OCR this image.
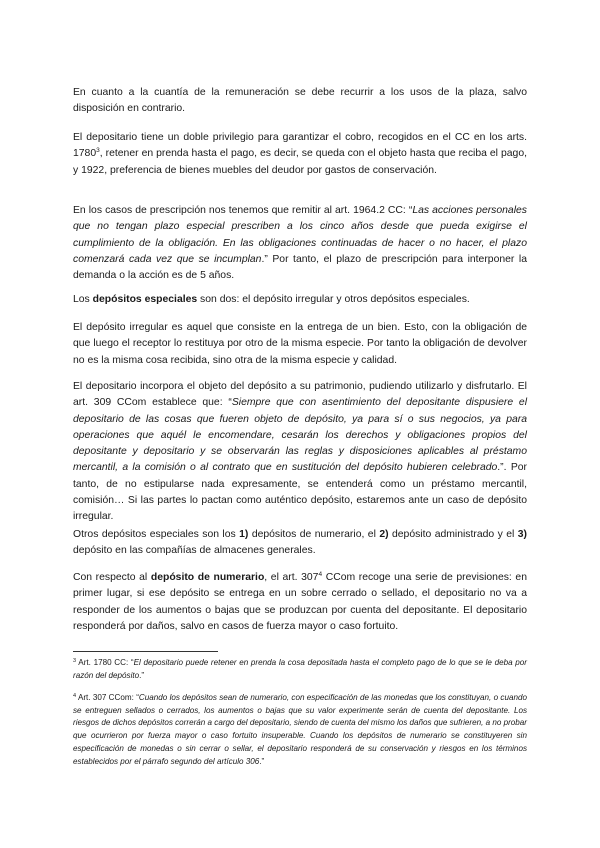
En cuanto a la cuantía de la remuneración se debe recurrir a los usos de la plaza, salvo disposición en contrario.

El depositario tiene un doble privilegio para garantizar el cobro, recogidos en el CC en los arts. 1780$^3$, retener en prenda hasta el pago, es decir, se queda con el objeto hasta que reciba el pago, y 1922, preferencia de bienes muebles del deudor por gastos de conservación.

En los casos de prescripción nos tenemos que remitir al art. 1964.2 CC: “Las acciones personales que no tengan plazo especial prescriben a los cinco años desde que pueda exigirse el cumplimiento de la obligación. En las obligaciones continuadas de hacer o no hacer, el plazo comenzará cada vez que se incumplan.” Por tanto, el plazo de prescripción para interponer la demanda o la acción es de 5 años.

Los depósitos especiales son dos: el depósito irregular y otros depósitos especiales.

El depósito irregular es aquel que consiste en la entrega de un bien. Esto, con la obligación de que luego el receptor lo restituya por otro de la misma especie. Por tanto la obligación de devolver no es la misma cosa recibida, sino otra de la misma especie y calidad.

El depositario incorpora el objeto del depósito a su patrimonio, pudiendo utilizarlo y disfrutarlo. El art. 309 CCom establece que: “Siempre que con asentimiento del depositante dispusiere el depositario de las cosas que fueren objeto de depósito, ya para sí o sus negocios, ya para operaciones que aquél le encomendare, cesarán los derechos y obligaciones propios del depositante y depositario y se observarán las reglas y disposiciones aplicables al préstamo mercantil, a la comisión o al contrato que en sustitución del depósito hubieren celebrado.”. Por tanto, de no estipularse nada expresamente, se entenderá como un préstamo mercantil, comisión… Si las partes lo pactan como auténtico depósito, estaremos ante un caso de depósito irregular.

Otros depósitos especiales son los 1) depósitos de numerario, el 2) depósito administrado y el 3) depósito en las compañías de almacenes generales.

Con respecto al depósito de numerario, el art. $307^4$ CCom recoge una serie de previsiones: en primer lugar, si ese depósito se entrega en un sobre cerrado o sellado, el depositario no va a responder de los aumentos o bajas que se produzcan por cuenta del depositante. El depositario responderá por daños, salvo en casos de fuerza mayor o caso fortuito.

$^3$ Art. 1780 CC: “El depositario puede retener en prenda la cosa depositada hasta el completo pago de lo que se le deba por razón del depósito.”

$^4$ Art. 307 CCom: “Cuando los depósitos sean de numerario, con especificación de las monedas que los constituyan, o cuando se entreguen sellados o cerrados, los aumentos o bajas que su valor experimente serán de cuenta del depositante. Los riesgos de dichos depósitos correrán a cargo del depositario, siendo de cuenta del mismo los daños que sufrieren, a no probar que ocurrieron por fuerza mayor o caso fortuito insuperable. Cuando los depósitos de numerario se constituyeren sin especificación de monedas o sin cerrar o sellar, el depositario responderá de su conservación y riesgos en los términos establecidos por el párrafo segundo del artículo 306.”
